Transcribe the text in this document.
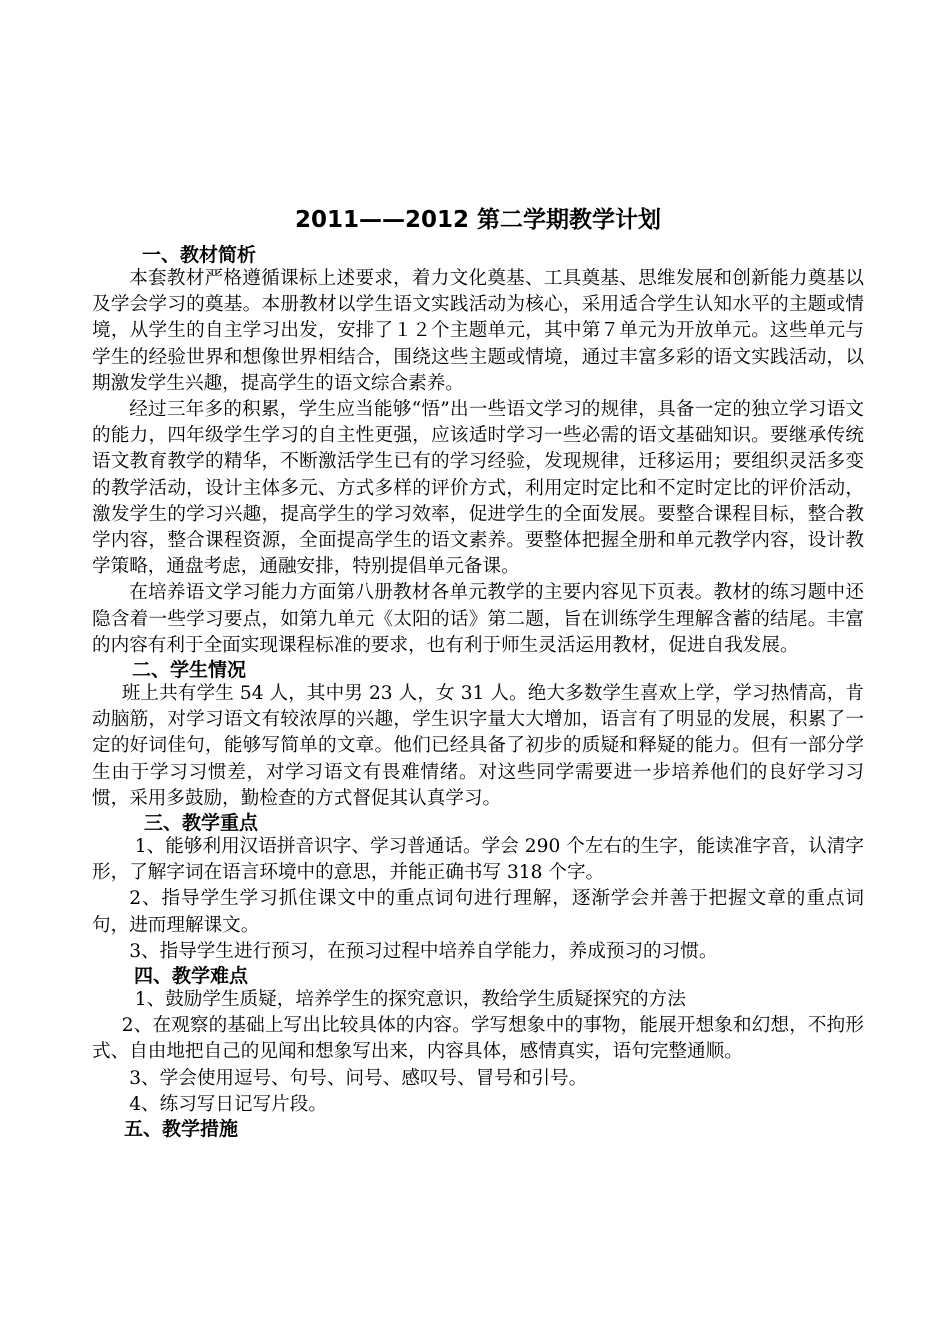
2011——2012 第二学期教学计划
一、教材简析

本套教材严格遵循课标上述要求，着力文化奠基、工具奠基、思维发展和创新能力奠基以及学会学习的奠基。本册教材以学生语文实践活动为核心，采用适合学生认知水平的主题或情境，从学生的自主学习出发，安排了１２个主题单元，其中第７单元为开放单元。这些单元与学生的经验世界和想像世界相结合，围绕这些主题或情境，通过丰富多彩的语文实践活动，以期激发学生兴趣，提高学生的语文综合素养。

经过三年多的积累，学生应当能够“悟”出一些语文学习的规律，具备一定的独立学习语文的能力，四年级学生学习的自主性更强，应该适时学习一些必需的语文基础知识。要继承传统语文教育教学的精华，不断激活学生已有的学习经验，发现规律，迁移运用；要组织灵活多变的教学活动，设计主体多元、方式多样的评价方式，利用定时定比和不定时定比的评价活动，激发学生的学习兴趣，提高学生的学习效率，促进学生的全面发展。要整合课程目标，整合教学内容，整合课程资源，全面提高学生的语文素养。要整体把握全册和单元教学内容，设计教学策略，通盘考虑，通融安排，特别提倡单元备课。

在培养语文学习能力方面第八册教材各单元教学的主要内容见下页表。教材的练习题中还隐含着一些学习要点，如第九单元《太阳的话》第二题，旨在训练学生理解含蓄的结尾。丰富的内容有利于全面实现课程标准的要求，也有利于师生灵活运用教材，促进自我发展。

二、学生情况

班上共有学生 54 人，其中男 23 人，女 31 人。绝大多数学生喜欢上学，学习热情高，肯动脑筋，对学习语文有较浓厚的兴趣，学生识字量大大增加，语言有了明显的发展，积累了一定的好词佳句，能够写简单的文章。他们已经具备了初步的质疑和释疑的能力。但有一部分学生由于学习习惯差，对学习语文有畏难情绪。对这些同学需要进一步培养他们的良好学习习惯，采用多鼓励，勤检查的方式督促其认真学习。

三、教学重点

1、能够利用汉语拼音识字、学习普通话。学会 290 个左右的生字，能读准字音，认清字形，了解字词在语言环境中的意思，并能正确书写 318 个字。

2、指导学生学习抓住课文中的重点词句进行理解，逐渐学会并善于把握文章的重点词句，进而理解课文。

3、指导学生进行预习，在预习过程中培养自学能力，养成预习的习惯。

四、教学难点

1、鼓励学生质疑，培养学生的探究意识，教给学生质疑探究的方法

2、在观察的基础上写出比较具体的内容。学写想象中的事物，能展开想象和幻想，不拘形式、自由地把自己的见闻和想象写出来，内容具体，感情真实，语句完整通顺。

3、学会使用逗号、句号、问号、感叹号、冒号和引号。

4、练习写日记写片段。

五、教学措施
